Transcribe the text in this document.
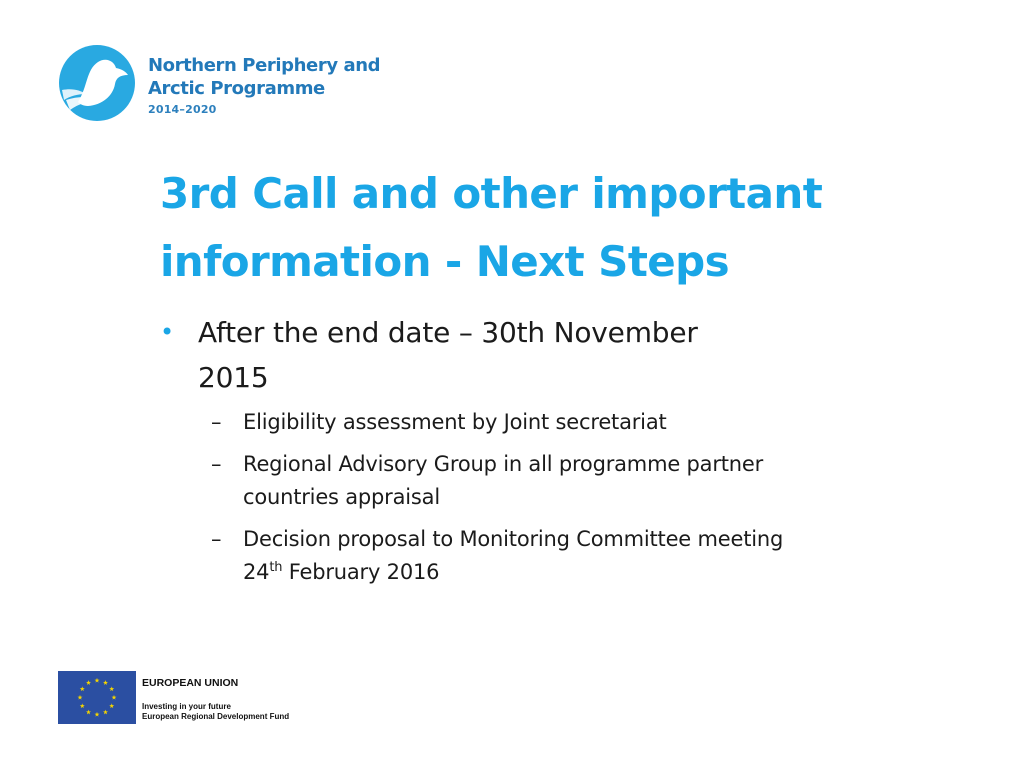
Northern Periphery and
Arctic Programme
2014–2020
3rd Call and other important
information - Next Steps
• After the end date – 30th November
2015
– Eligibility assessment by Joint secretariat
– Regional Advisory Group in all programme partner
countries appraisal
– Decision proposal to Monitoring Committee meeting
24th February 2016
EUROPEAN UNION
Investing in your future
European Regional Development Fund
